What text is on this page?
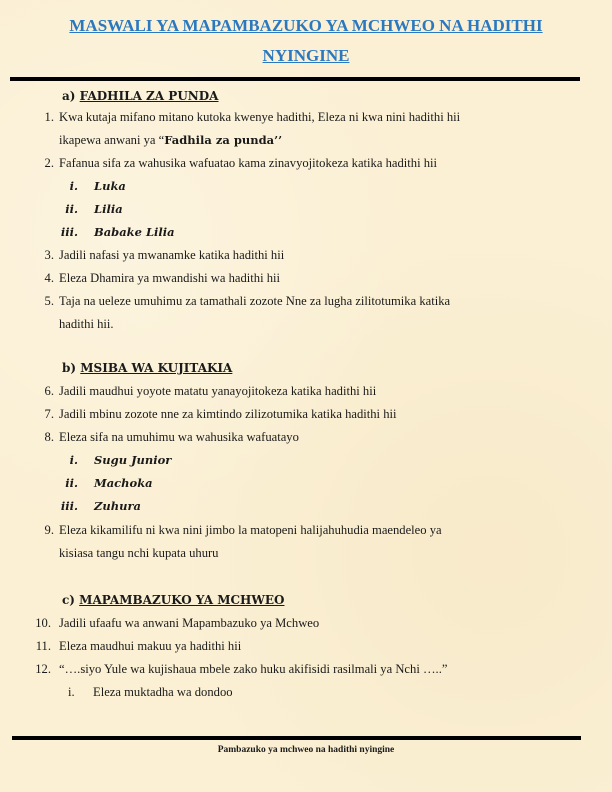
MASWALI YA MAPAMBAZUKO YA MCHWEO NA HADITHI
NYINGINE
a) FADHILA ZA PUNDA
1. Kwa kutaja mifano mitano kutoka kwenye hadithi, Eleza ni kwa nini hadithi hii
ikapewa anwani ya “Fadhila za punda’’
2. Fafanua sifa za wahusika wafuatao kama zinavyojitokeza katika hadithi hii
i. Luka
ii. Lilia
iii. Babake Lilia
3. Jadili nafasi ya mwanamke katika hadithi hii
4. Eleza Dhamira ya mwandishi wa hadithi hii
5. Taja na ueleze umuhimu za tamathali zozote Nne za lugha zilitotumika katika
hadithi hii.
b) MSIBA WA KUJITAKIA
6. Jadili maudhui yoyote matatu yanayojitokeza katika hadithi hii
7. Jadili mbinu zozote nne za kimtindo zilizotumika katika hadithi hii
8. Eleza sifa na umuhimu wa wahusika wafuatayo
i. Sugu Junior
ii. Machoka
iii. Zuhura
9. Eleza kikamilifu ni kwa nini jimbo la matopeni halijahuhudia maendeleo ya
kisiasa tangu nchi kupata uhuru
c) MAPAMBAZUKO YA MCHWEO
10. Jadili ufaafu wa anwani Mapambazuko ya Mchweo
11. Eleza maudhui makuu ya hadithi hii
12. “….siyo Yule wa kujishaua mbele zako huku akifisidi rasilmali ya Nchi …..”
i. Eleza muktadha wa dondoo
Pambazuko ya mchweo na hadithi nyingine
